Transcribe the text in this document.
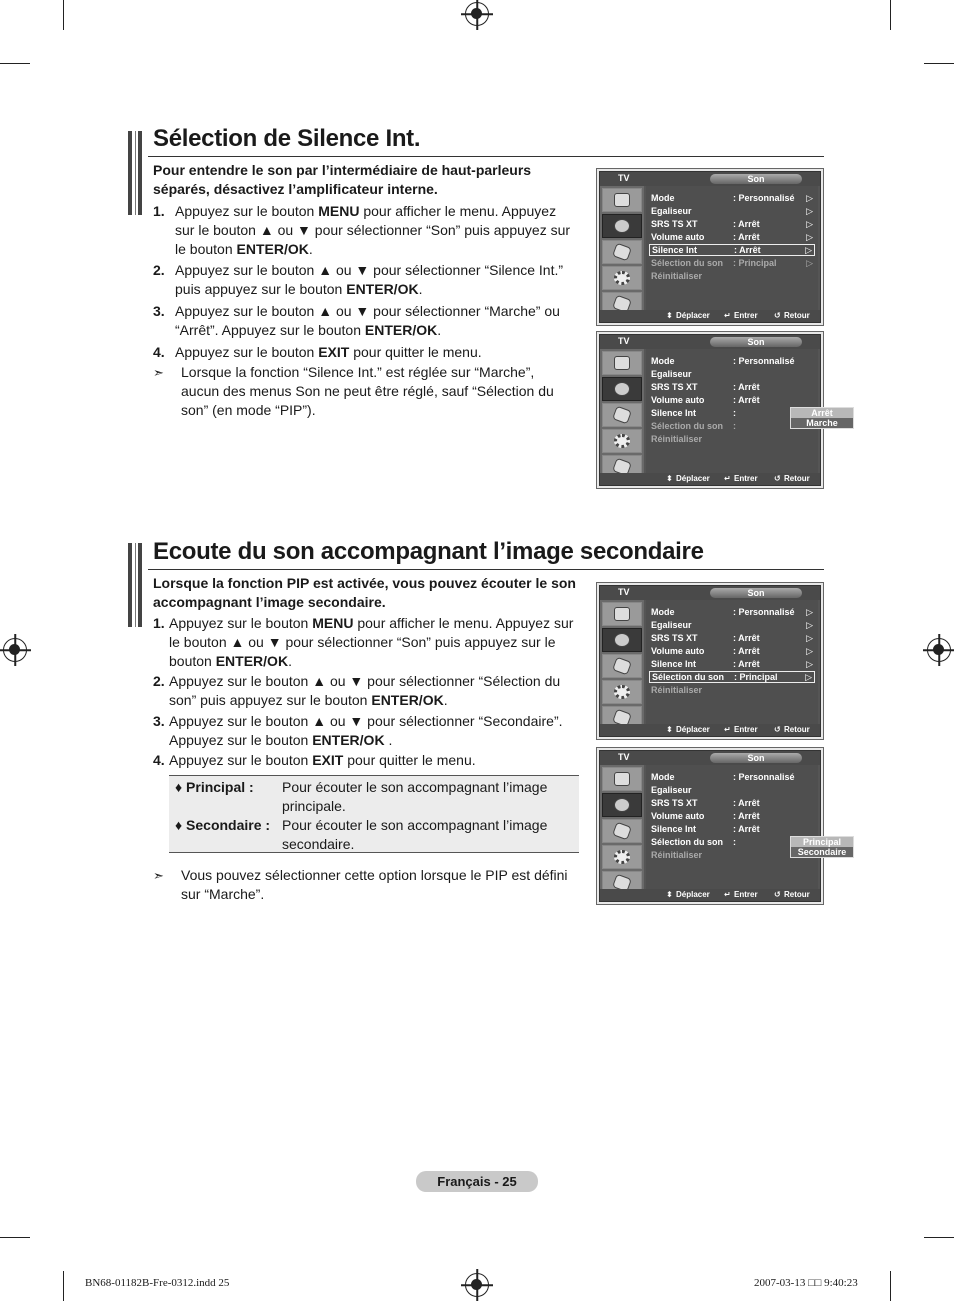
Sélection de Silence Int.
Pour entendre le son par l’intermédiaire de haut-parleurs séparés, désactivez l’amplificateur interne.
1. Appuyez sur le bouton MENU pour afficher le menu. Appuyez sur le bouton ▲ ou ▼ pour sélectionner “Son” puis appuyez sur le bouton ENTER/OK.
2. Appuyez sur le bouton ▲ ou ▼ pour sélectionner “Silence Int.” puis appuyez sur le bouton ENTER/OK.
3. Appuyez sur le bouton ▲ ou ▼ pour sélectionner “Marche” ou “Arrêt”. Appuyez sur le bouton ENTER/OK.
4. Appuyez sur le bouton EXIT pour quitter le menu.
➣ Lorsque la fonction “Silence Int.” est réglée sur “Marche”, aucun des menus Son ne peut être réglé, sauf “Sélection du son” (en mode “PIP”).
Ecoute du son accompagnant l’image secondaire
Lorsque la fonction PIP est activée, vous pouvez écouter le son accompagnant l’image secondaire.
1. Appuyez sur le bouton MENU pour afficher le menu. Appuyez sur le bouton ▲ ou ▼ pour sélectionner “Son” puis appuyez sur le bouton ENTER/OK.
2. Appuyez sur le bouton ▲ ou ▼ pour sélectionner “Sélection du son” puis appuyez sur le bouton ENTER/OK.
3. Appuyez sur le bouton ▲ ou ▼ pour sélectionner “Secondaire”. Appuyez sur le bouton ENTER/OK .
4. Appuyez sur le bouton EXIT pour quitter le menu.
♦ Principal : Pour écouter le son accompagnant l’image principale.
♦ Secondaire : Pour écouter le son accompagnant l’image secondaire.
➣ Vous pouvez sélectionner cette option lorsque le PIP est défini sur “Marche”.
TV	Son
Mode	: Personnalisé ▷
Egaliseur	▷
SRS TS XT	: Arrêt	▷
Volume auto	: Arrêt	▷
Silence Int	: Arrêt	▷
Sélection du son : Principal	▷
Réinitialiser
⬍ Déplacer ↵ Entrer ↺ Retour
TV	Son
Mode	: Personnalisé
Egaliseur
SRS TS XT	: Arrêt
Volume auto	: Arrêt
Silence Int	:
Sélection du son :
Réinitialiser
Arrêt
Marche
⬍ Déplacer ↵ Entrer ↺ Retour
TV	Son
Mode	: Personnalisé ▷
Egaliseur	▷
SRS TS XT	: Arrêt	▷
Volume auto	: Arrêt	▷
Silence Int	: Arrêt	▷
Sélection du son : Principal	▷
Réinitialiser
⬍ Déplacer ↵ Entrer ↺ Retour
TV	Son
Mode	: Personnalisé
Egaliseur
SRS TS XT	: Arrêt
Volume auto	: Arrêt
Silence Int	: Arrêt
Sélection du son :
Réinitialiser
Principal
Secondaire
⬍ Déplacer ↵ Entrer ↺ Retour
Français - 25
BN68-01182B-Fre-0312.indd 25	2007-03-13 □□ 9:40:23
